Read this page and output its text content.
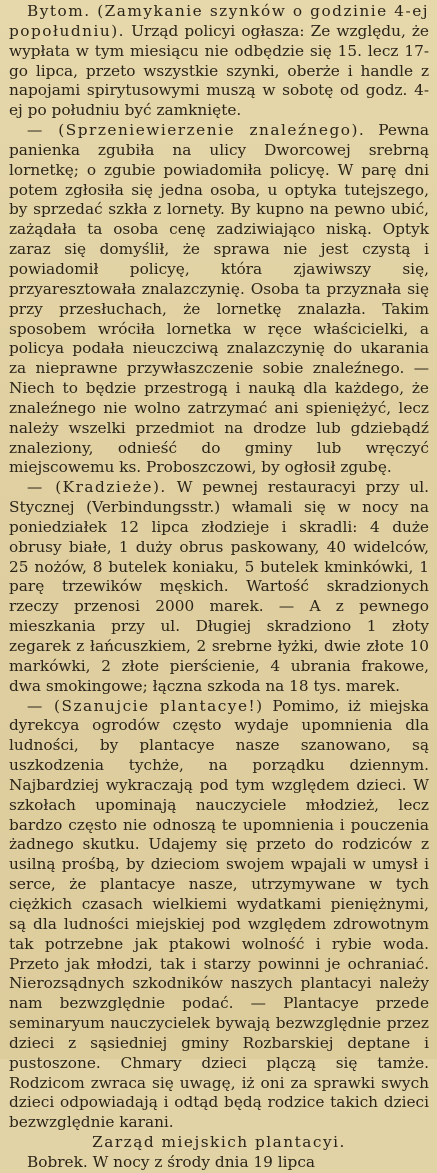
Bytom. (Zamykanie szynków o godzinie 4-ej popołudniu). Urząd policyi ogłasza: Ze względu, że wypłata w tym miesiącu nie odbędzie się 15. lecz 17-go lipca, przeto wszystkie szynki, oberże i handle z napojami spirytusowymi muszą w sobotę od godz. 4-ej po południu być zamknięte.

— (Sprzeniewierzenie znaleźnego). Pewna panienka zgubiła na ulicy Dworcowej srebrną lornetkę; o zgubie powiadomiła policyę. W parę dni potem zgłosiła się jedna osoba, u optyka tutejszego, by sprzedać szkła z lornety. By kupno na pewno ubić, zażądała ta osoba cenę zadziwiająco niską. Optyk zaraz się domyślił, że sprawa nie jest czystą i powiadomił policyę, która zjawiwszy się, przyaresztowała znalazczynię. Osoba ta przyznała się przy przesłuchach, że lornetkę znalazła. Takim sposobem wróciła lornetka w ręce właścicielki, a policya podała nieuczciwą znalazczynię do ukarania za nieprawne przywłaszczenie sobie znaleźnego. — Niech to będzie przestrogą i nauką dla każdego, że znaleźnego nie wolno zatrzymać ani spieniężyć, lecz należy wszelki przedmiot na drodze lub gdziebądź znaleziony, odnieść do gminy lub wręczyć miejscowemu ks. Proboszczowi, by ogłosił zgubę.

— (Kradzieże). W pewnej restauracyi przy ul. Stycznej (Verbindungsstr.) włamali się w nocy na poniedziałek 12 lipca złodzieje i skradli: 4 duże obrusy białe, 1 duży obrus paskowany, 40 widelców, 25 nożów, 8 butelek koniaku, 5 butelek kminkówki, 1 parę trzewików męskich. Wartość skradzionych rzeczy przenosi 2000 marek. — A z pewnego mieszkania przy ul. Długiej skradziono 1 złoty zegarek z łańcuszkiem, 2 srebrne łyżki, dwie złote 10 markówki, 2 złote pierścienie, 4 ubrania frakowe, dwa smokingowe; łączna szkoda na 18 tys. marek.

— (Szanujcie plantacye!) Pomimo, iż miejska dyrekcya ogrodów często wydaje upomnienia dla ludności, by plantacye nasze szanowano, są uszkodzenia tychże, na porządku dziennym. Najbardziej wykraczają pod tym względem dzieci. W szkołach upominają nauczyciele młodzież, lecz bardzo często nie odnoszą te upomnienia i pouczenia żadnego skutku. Udajemy się przeto do rodziców z usilną prośbą, by dzieciom swojem wpajali w umysł i serce, że plantacye nasze, utrzymywane w tych ciężkich czasach wielkiemi wydatkami pieniężnymi, są dla ludności miejskiej pod względem zdrowotnym tak potrzebne jak ptakowi wolność i rybie woda. Przeto jak młodzi, tak i starzy powinni je ochraniać. Nierozsądnych szkodników naszych plantacyi należy nam bezwzględnie podać. — Plantacye przede seminaryum nauczycielek bywają bezwzględnie przez dzieci z sąsiedniej gminy Rozbarskiej deptane i pustoszone. Chmary dzieci plączą się tamże. Rodzicom zwraca się uwagę, iż oni za sprawki swych dzieci odpowiadają i odtąd będą rodzice takich dzieci bezwzględnie karani.

Zarząd miejskich plantacyi.

Bobrek. W nocy z środy dnia 19 lipca
